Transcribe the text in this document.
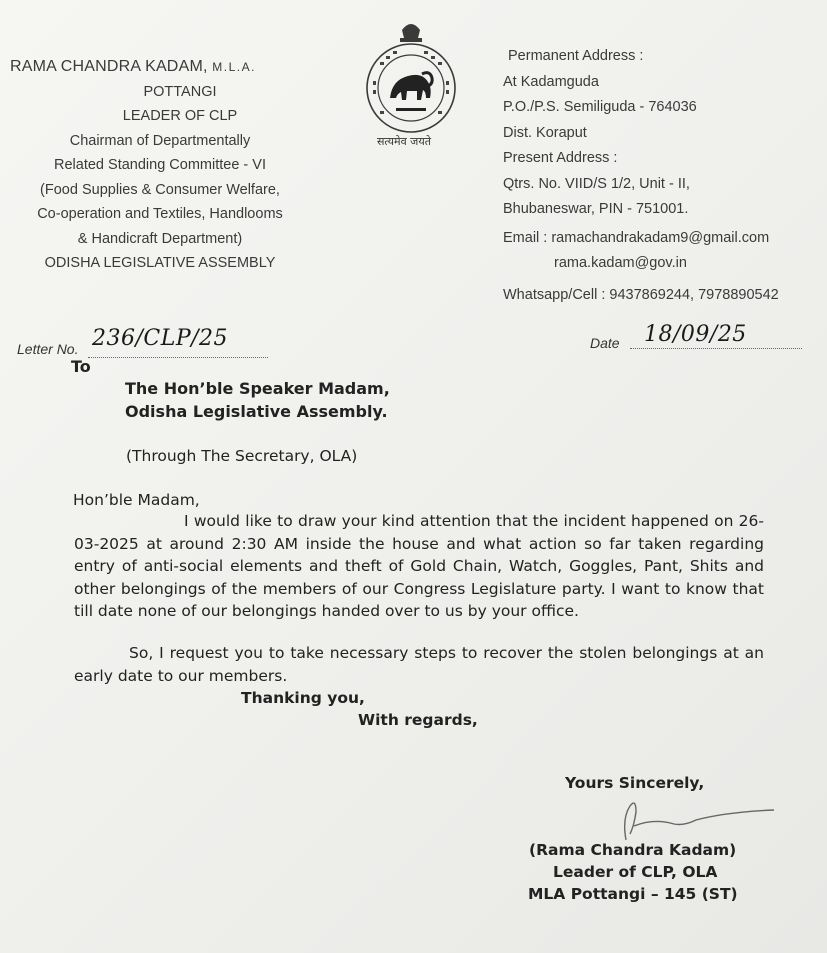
RAMA CHANDRA KADAM, M.L.A.
POTTANGI
LEADER OF CLP
Chairman of Departmentally
Related Standing Committee - VI
(Food Supplies & Consumer Welfare,
Co-operation and Textiles, Handlooms
& Handicraft Department)
ODISHA LEGISLATIVE ASSEMBLY
सत्यमेव जयते
Permanent Address :
At Kadamguda
P.O./P.S. Semiliguda - 764036
Dist. Koraput
Present Address :
Qtrs. No. VIID/S 1/2, Unit - II,
Bhubaneswar, PIN - 751001.
Email : ramachandrakadam9@gmail.com
rama.kadam@gov.in
Whatsapp/Cell : 9437869244, 7978890542
Letter No. 236/CLP/25	Date 18/09/25
To
The Hon’ble Speaker Madam,
Odisha Legislative Assembly.
(Through The Secretary, OLA)
Hon’ble Madam,
I would like to draw your kind attention that the incident happened on 26-03-2025 at around 2:30 AM inside the house and what action so far taken regarding entry of anti-social elements and theft of Gold Chain, Watch, Goggles, Pant, Shits and other belongings of the members of our Congress Legislature party. I want to know that till date none of our belongings handed over to us by your office.
So, I request you to take necessary steps to recover the stolen belongings at an early date to our members.
Thanking you,
With regards,
Yours Sincerely,
(Rama Chandra Kadam)
Leader of CLP, OLA
MLA Pottangi – 145 (ST)
